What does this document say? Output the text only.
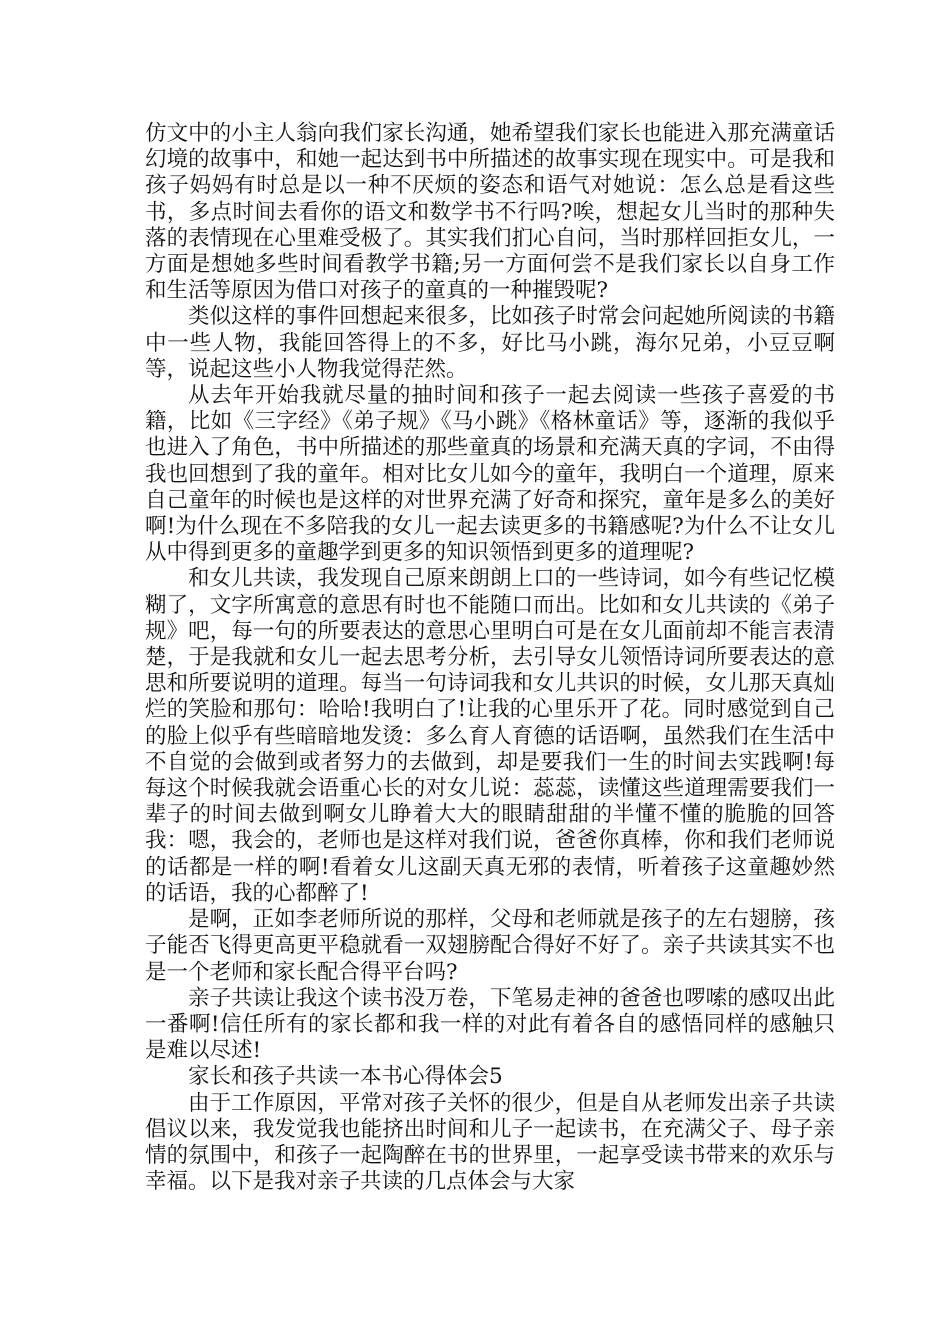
仿文中的小主人翁向我们家长沟通，她希望我们家长也能进入那充满童话幻境的故事中，和她一起达到书中所描述的故事实现在现实中。可是我和孩子妈妈有时总是以一种不厌烦的姿态和语气对她说：怎么总是看这些书，多点时间去看你的语文和数学书不行吗?唉，想起女儿当时的那种失落的表情现在心里难受极了。其实我们扪心自问，当时那样回拒女儿，一方面是想她多些时间看教学书籍;另一方面何尝不是我们家长以自身工作和生活等原因为借口对孩子的童真的一种摧毁呢?

类似这样的事件回想起来很多，比如孩子时常会问起她所阅读的书籍中一些人物，我能回答得上的不多，好比马小跳，海尔兄弟，小豆豆啊等，说起这些小人物我觉得茫然。

从去年开始我就尽量的抽时间和孩子一起去阅读一些孩子喜爱的书籍，比如《三字经》《弟子规》《马小跳》《格林童话》等，逐渐的我似乎也进入了角色，书中所描述的那些童真的场景和充满天真的字词，不由得我也回想到了我的童年。相对比女儿如今的童年，我明白一个道理，原来自己童年的时候也是这样的对世界充满了好奇和探究，童年是多么的美好啊!为什么现在不多陪我的女儿一起去读更多的书籍感呢?为什么不让女儿从中得到更多的童趣学到更多的知识领悟到更多的道理呢?

和女儿共读，我发现自己原来朗朗上口的一些诗词，如今有些记忆模糊了，文字所寓意的意思有时也不能随口而出。比如和女儿共读的《弟子规》吧，每一句的所要表达的意思心里明白可是在女儿面前却不能言表清楚，于是我就和女儿一起去思考分析，去引导女儿领悟诗词所要表达的意思和所要说明的道理。每当一句诗词我和女儿共识的时候，女儿那天真灿烂的笑脸和那句：哈哈!我明白了!让我的心里乐开了花。同时感觉到自己的脸上似乎有些暗暗地发烫：多么育人育德的话语啊，虽然我们在生活中不自觉的会做到或者努力的去做到，却是要我们一生的时间去实践啊!每每这个时候我就会语重心长的对女儿说：蕊蕊，读懂这些道理需要我们一辈子的时间去做到啊女儿睁着大大的眼睛甜甜的半懂不懂的脆脆的回答我：嗯，我会的，老师也是这样对我们说，爸爸你真棒，你和我们老师说的话都是一样的啊!看着女儿这副天真无邪的表情，听着孩子这童趣妙然的话语，我的心都醉了!

是啊，正如李老师所说的那样，父母和老师就是孩子的左右翅膀，孩子能否飞得更高更平稳就看一双翅膀配合得好不好了。亲子共读其实不也是一个老师和家长配合得平台吗?

亲子共读让我这个读书没万卷，下笔易走神的爸爸也啰嗦的感叹出此一番啊!信任所有的家长都和我一样的对此有着各自的感悟同样的感触只是难以尽述!

家长和孩子共读一本书心得体会5

由于工作原因，平常对孩子关怀的很少，但是自从老师发出亲子共读倡议以来，我发觉我也能挤出时间和儿子一起读书，在充满父子、母子亲情的氛围中，和孩子一起陶醉在书的世界里，一起享受读书带来的欢乐与幸福。以下是我对亲子共读的几点体会与大家
